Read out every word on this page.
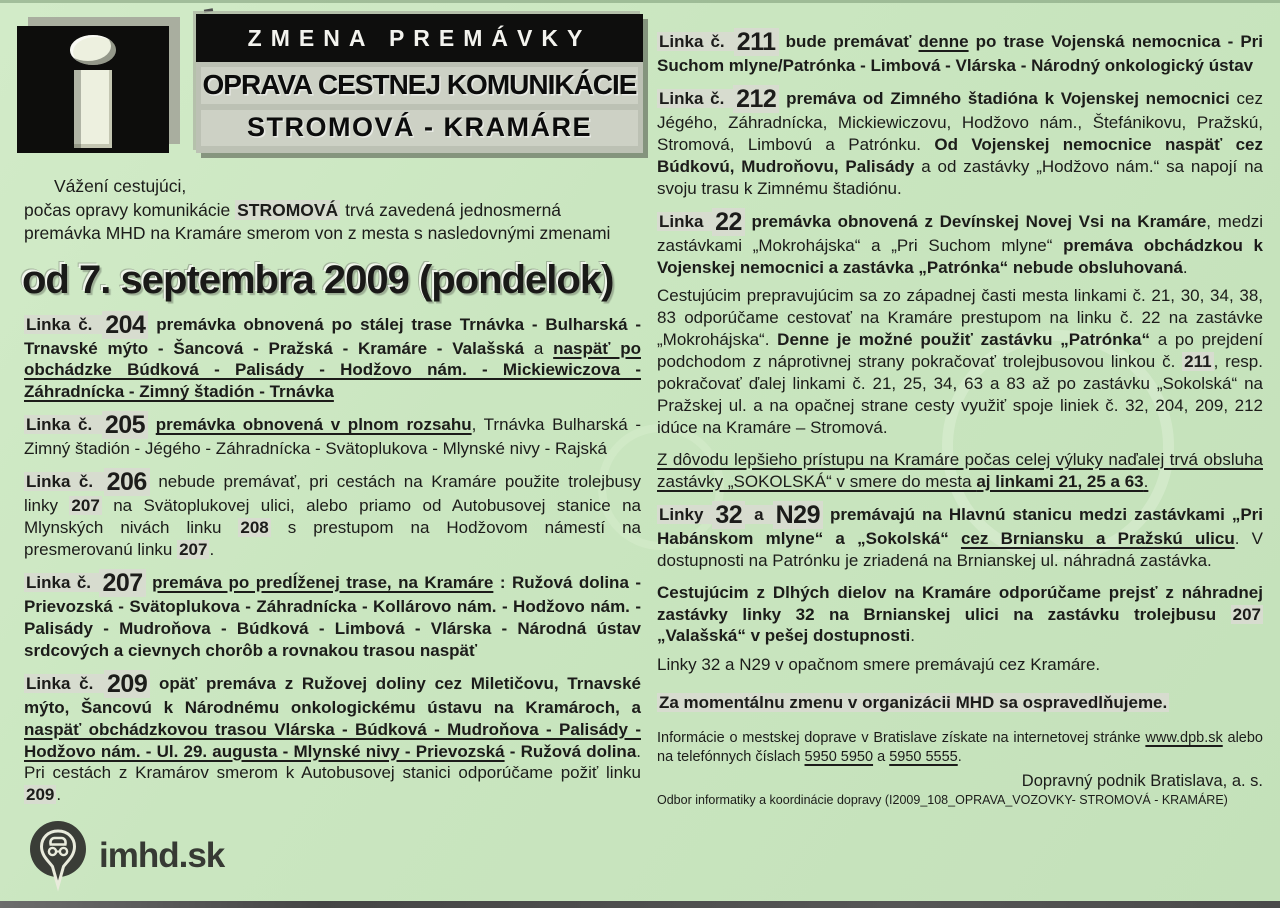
ZMENA PREMÁVKY
OPRAVA CESTNEJ KOMUNIKÁCIE
STROMOVÁ - KRAMÁRE

Vážení cestujúci,

počas opravy komunikácie STROMOVÁ trvá zavedená jednosmerná premávka MHD na Kramáre smerom von z mesta s nasledovnými zmenami

od 7. septembra 2009 (pondelok)

Linka č. 204 premávka obnovená po stálej trase Trnávka - Bulharská - Trnavské mýto - Šancová - Pražská - Kramáre - Valašská a naspäť po obchádzke Búdková - Palisády - Hodžovo nám. - Mickiewiczova - Záhradnícka - Zimný štadión - Trnávka

Linka č. 205 premávka obnovená v plnom rozsahu, Trnávka Bulharská - Zimný štadión - Jégého - Záhradnícka - Svätoplukova - Mlynské nivy - Rajská

Linka č. 206 nebude premávať, pri cestách na Kramáre použite trolejbusy linky 207 na Svätoplukovej ulici, alebo priamo od Autobusovej stanice na Mlynských nivách linku 208 s prestupom na Hodžovom námestí na presmerovanú linku 207 .

Linka č. 207 premáva po predĺženej trase, na Kramáre : Ružová dolina - Prievozská - Svätoplukova - Záhradnícka - Kollárovo nám. - Hodžovo nám. - Palisády - Mudroňova - Búdková - Limbová - Vlárska - Národná ústav srdcových a cievnych chorôb a rovnakou trasou naspäť

Linka č. 209 opäť premáva z Ružovej doliny cez Miletičovu, Trnavské mýto, Šancovú k Národnému onkologickému ústavu na Kramároch, a naspäť obchádzkovou trasou Vlárska - Búdková - Mudroňova - Palisády - Hodžovo nám. - Ul. 29. augusta - Mlynské nivy - Prievozská - Ružová dolina. Pri cestách z Kramárov smerom k Autobusovej stanici odporúčame požiť linku 209 .

Linka č. 211 bude premávať denne po trase Vojenská nemocnica - Pri Suchom mlyne/Patrónka - Limbová - Vlárska - Národný onkologický ústav

Linka č. 212 premáva od Zimného štadióna k Vojenskej nemocnici cez Jégého, Záhradnícka, Mickiewiczovu, Hodžovo nám., Štefánikovu, Pražskú, Stromová, Limbovú a Patrónku. Od Vojenskej nemocnice naspäť cez Búdkovú, Mudroňovu, Palisády a od zastávky „Hodžovo nám.“ sa napojí na svoju trasu k Zimnému štadiónu.

Linka 22 premávka obnovená z Devínskej Novej Vsi na Kramáre, medzi zastávkami „Mokrohájska“ a „Pri Suchom mlyne“ premáva obchádzkou k Vojenskej nemocnici a zastávka „Patrónka“ nebude obsluhovaná.

Cestujúcim prepravujúcim sa zo západnej časti mesta linkami č. 21, 30, 34, 38, 83 odporúčame cestovať na Kramáre prestupom na linku č. 22 na zastávke „Mokrohájska“. Denne je možné použiť zastávku „Patrónka“ a po prejdení podchodom z náprotivnej strany pokračovať trolejbusovou linkou č. 211 , resp. pokračovať ďalej linkami č. 21, 25, 34, 63 a 83 až po zastávku „Sokolská“ na Pražskej ul. a na opačnej strane cesty využiť spoje liniek č. 32, 204, 209, 212 idúce na Kramáre – Stromová.

Z dôvodu lepšieho prístupu na Kramáre počas celej výluky naďalej trvá obsluha zastávky „SOKOLSKÁ“ v smere do mesta aj linkami 21, 25 a 63.

Linky 32 a N29 premávajú na Hlavnú stanicu medzi zastávkami „Pri Habánskom mlyne“ a „Sokolská“ cez Brniansku a Pražskú ulicu. V dostupnosti na Patrónku je zriadená na Brnianskej ul. náhradná zastávka.

Cestujúcim z Dlhých dielov na Kramáre odporúčame prejsť z náhradnej zastávky linky 32 na Brnianskej ulici na zastávku trolejbusu 207 „Valašská“ v pešej dostupnosti.

Linky 32 a N29 v opačnom smere premávajú cez Kramáre.

Za momentálnu zmenu v organizácii MHD sa ospravedlňujeme.

Informácie o mestskej doprave v Bratislave získate na internetovej stránke www.dpb.sk alebo na telefónnych číslach 5950 5950 a 5950 5555.

Dopravný podnik Bratislava, a. s.

Odbor informatiky a koordinácie dopravy (I2009_108_OPRAVA_VOZOVKY- STROMOVÁ - KRAMÁRE)

imhd.sk
